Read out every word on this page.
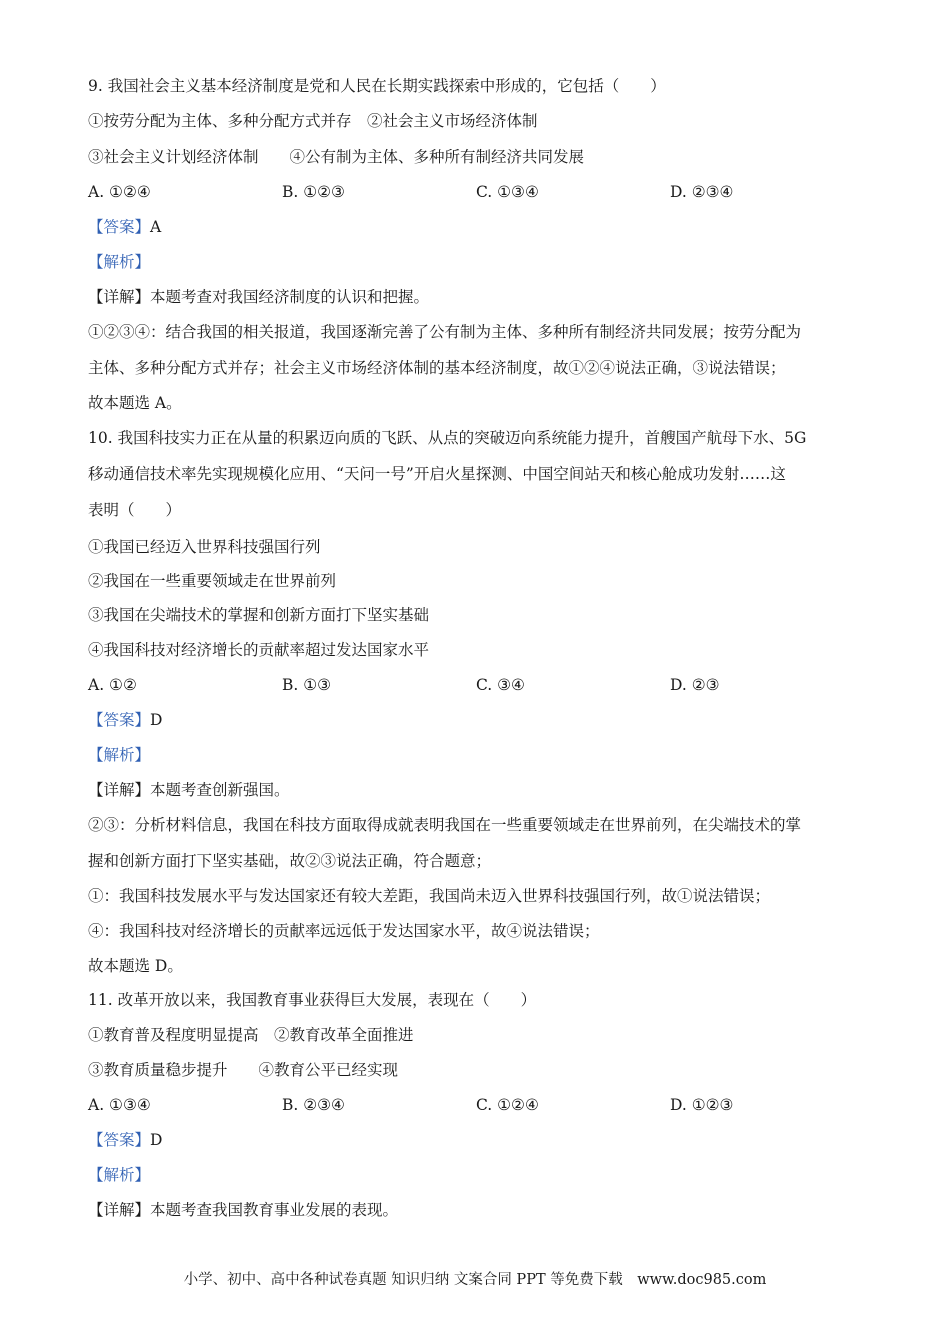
9. 我国社会主义基本经济制度是党和人民在长期实践探索中形成的，它包括（　　）
①按劳分配为主体、多种分配方式并存　②社会主义市场经济体制
③社会主义计划经济体制　　④公有制为主体、多种所有制经济共同发展
A. ①②④	B. ①②③	C. ①③④	D. ②③④
【答案】A
【解析】
【详解】本题考查对我国经济制度的认识和把握。
①②③④：结合我国的相关报道，我国逐渐完善了公有制为主体、多种所有制经济共同发展；按劳分配为
主体、多种分配方式并存；社会主义市场经济体制的基本经济制度，故①②④说法正确，③说法错误；
故本题选 A。
10. 我国科技实力正在从量的积累迈向质的飞跃、从点的突破迈向系统能力提升，首艘国产航母下水、5G
移动通信技术率先实现规模化应用、“天问一号”开启火星探测、中国空间站天和核心舱成功发射……这
表明（　　）
①我国已经迈入世界科技强国行列
②我国在一些重要领域走在世界前列
③我国在尖端技术的掌握和创新方面打下坚实基础
④我国科技对经济增长的贡献率超过发达国家水平
A. ①②	B. ①③	C. ③④	D. ②③
【答案】D
【解析】
【详解】本题考查创新强国。
②③：分析材料信息，我国在科技方面取得成就表明我国在一些重要领域走在世界前列，在尖端技术的掌
握和创新方面打下坚实基础，故②③说法正确，符合题意；
①：我国科技发展水平与发达国家还有较大差距，我国尚未迈入世界科技强国行列，故①说法错误；
④：我国科技对经济增长的贡献率远远低于发达国家水平，故④说法错误；
故本题选 D。
11. 改革开放以来，我国教育事业获得巨大发展，表现在（　　）
①教育普及程度明显提高　②教育改革全面推进
③教育质量稳步提升　　④教育公平已经实现
A. ①③④	B. ②③④	C. ①②④	D. ①②③
【答案】D
【解析】
【详解】本题考查我国教育事业发展的表现。
小学、初中、高中各种试卷真题 知识归纳 文案合同 PPT 等免费下载　www.doc985.com
